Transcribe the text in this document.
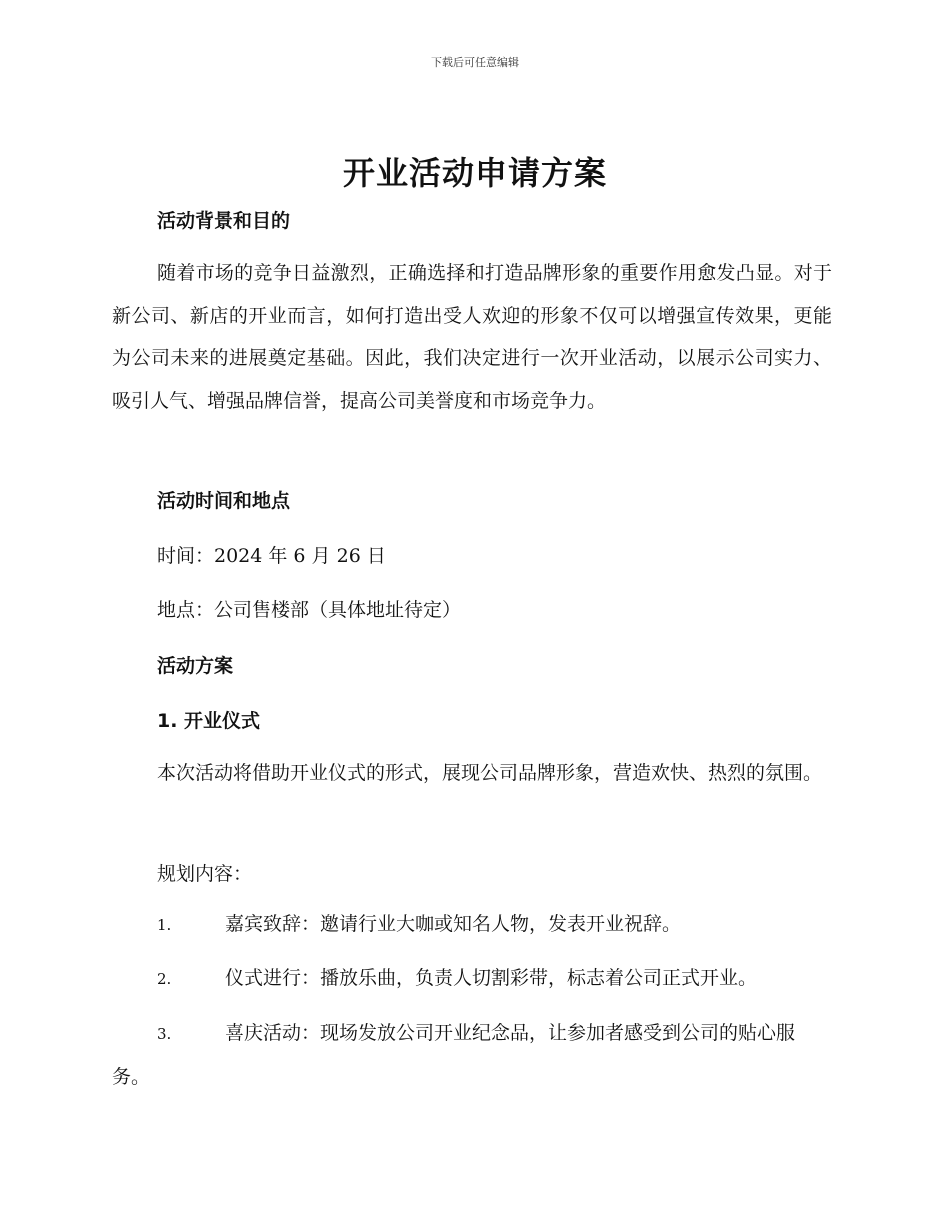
下载后可任意编辑
开业活动申请方案
活动背景和目的
随着市场的竞争日益激烈，正确选择和打造品牌形象的重要作用愈发凸显。对于新公司、新店的开业而言，如何打造出受人欢迎的形象不仅可以增强宣传效果，更能为公司未来的进展奠定基础。因此，我们决定进行一次开业活动，以展示公司实力、吸引人气、增强品牌信誉，提高公司美誉度和市场竞争力。
活动时间和地点
时间：2024 年 6 月 26 日
地点：公司售楼部（具体地址待定）
活动方案
1. 开业仪式
本次活动将借助开业仪式的形式，展现公司品牌形象，营造欢快、热烈的氛围。
规划内容：
1.	嘉宾致辞：邀请行业大咖或知名人物，发表开业祝辞。
2.	仪式进行：播放乐曲，负责人切割彩带，标志着公司正式开业。
3.	喜庆活动：现场发放公司开业纪念品，让参加者感受到公司的贴心服务。
